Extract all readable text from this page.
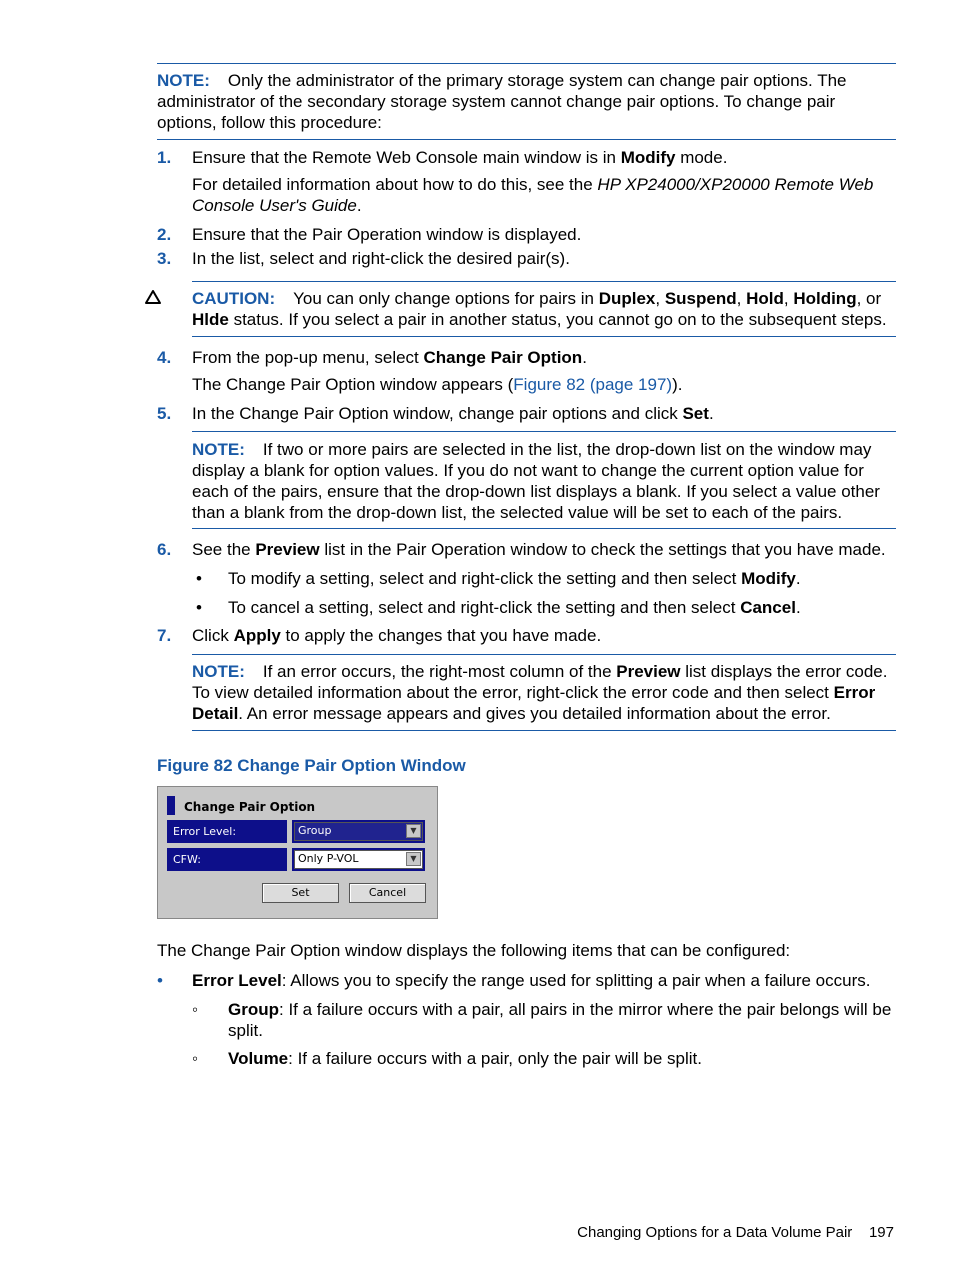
NOTE: Only the administrator of the primary storage system can change pair options. The administrator of the secondary storage system cannot change pair options. To change pair options, follow this procedure:
1. Ensure that the Remote Web Console main window is in Modify mode.
For detailed information about how to do this, see the HP XP24000/XP20000 Remote Web Console User's Guide.
2. Ensure that the Pair Operation window is displayed.
3. In the list, select and right-click the desired pair(s).
CAUTION: You can only change options for pairs in Duplex, Suspend, Hold, Holding, or
Hlde status. If you select a pair in another status, you cannot go on to the subsequent steps.
4. From the pop-up menu, select Change Pair Option.
The Change Pair Option window appears (Figure 82 (page 197)).
5. In the Change Pair Option window, change pair options and click Set.
NOTE: If two or more pairs are selected in the list, the drop-down list on the window may display a blank for option values. If you do not want to change the current option value for each of the pairs, ensure that the drop-down list displays a blank. If you select a value other than a blank from the drop-down list, the selected value will be set to each of the pairs.
6. See the Preview list in the Pair Operation window to check the settings that you have made.
• To modify a setting, select and right-click the setting and then select Modify.
• To cancel a setting, select and right-click the setting and then select Cancel.
7. Click Apply to apply the changes that you have made.
NOTE: If an error occurs, the right-most column of the Preview list displays the error code. To view detailed information about the error, right-click the error code and then select Error Detail. An error message appears and gives you detailed information about the error.
Figure 82 Change Pair Option Window
Change Pair Option
Error Level:	Group	▼
CFW:	Only P-VOL	▼
Set	Cancel
The Change Pair Option window displays the following items that can be configured:
• Error Level: Allows you to specify the range used for splitting a pair when a failure occurs.
◦ Group: If a failure occurs with a pair, all pairs in the mirror where the pair belongs will be split.
◦ Volume: If a failure occurs with a pair, only the pair will be split.
Changing Options for a Data Volume Pair 197
